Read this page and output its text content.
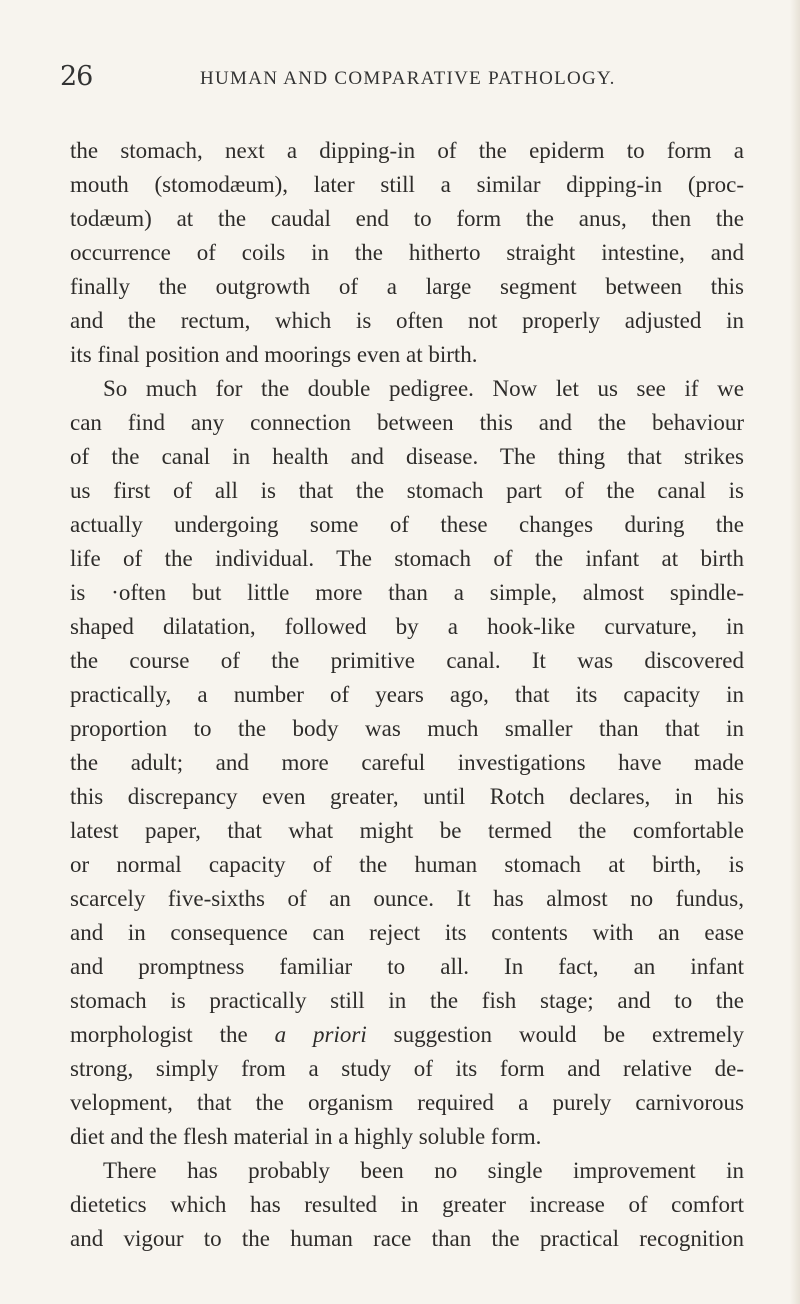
26	HUMAN AND COMPARATIVE PATHOLOGY.

the stomach, next a dipping-in of the epiderm to form a

mouth (stomodæum), later still a similar dipping-in (proc-

todæum) at the caudal end to form the anus, then the

occurrence of coils in the hitherto straight intestine, and

finally the outgrowth of a large segment between this

and the rectum, which is often not properly adjusted in

its final position and moorings even at birth.

So much for the double pedigree. Now let us see if we

can find any connection between this and the behaviour

of the canal in health and disease. The thing that strikes

us first of all is that the stomach part of the canal is

actually undergoing some of these changes during the

life of the individual. The stomach of the infant at birth

is ·often but little more than a simple, almost spindle-

shaped dilatation, followed by a hook-like curvature, in

the course of the primitive canal. It was discovered

practically, a number of years ago, that its capacity in

proportion to the body was much smaller than that in

the adult; and more careful investigations have made

this discrepancy even greater, until Rotch declares, in his

latest paper, that what might be termed the comfortable

or normal capacity of the human stomach at birth, is

scarcely five-sixths of an ounce. It has almost no fundus,

and in consequence can reject its contents with an ease

and promptness familiar to all. In fact, an infant

stomach is practically still in the fish stage; and to the

morphologist the a priori suggestion would be extremely

strong, simply from a study of its form and relative de-

velopment, that the organism required a purely carnivorous

diet and the flesh material in a highly soluble form.

There has probably been no single improvement in

dietetics which has resulted in greater increase of comfort

and vigour to the human race than the practical recognition
